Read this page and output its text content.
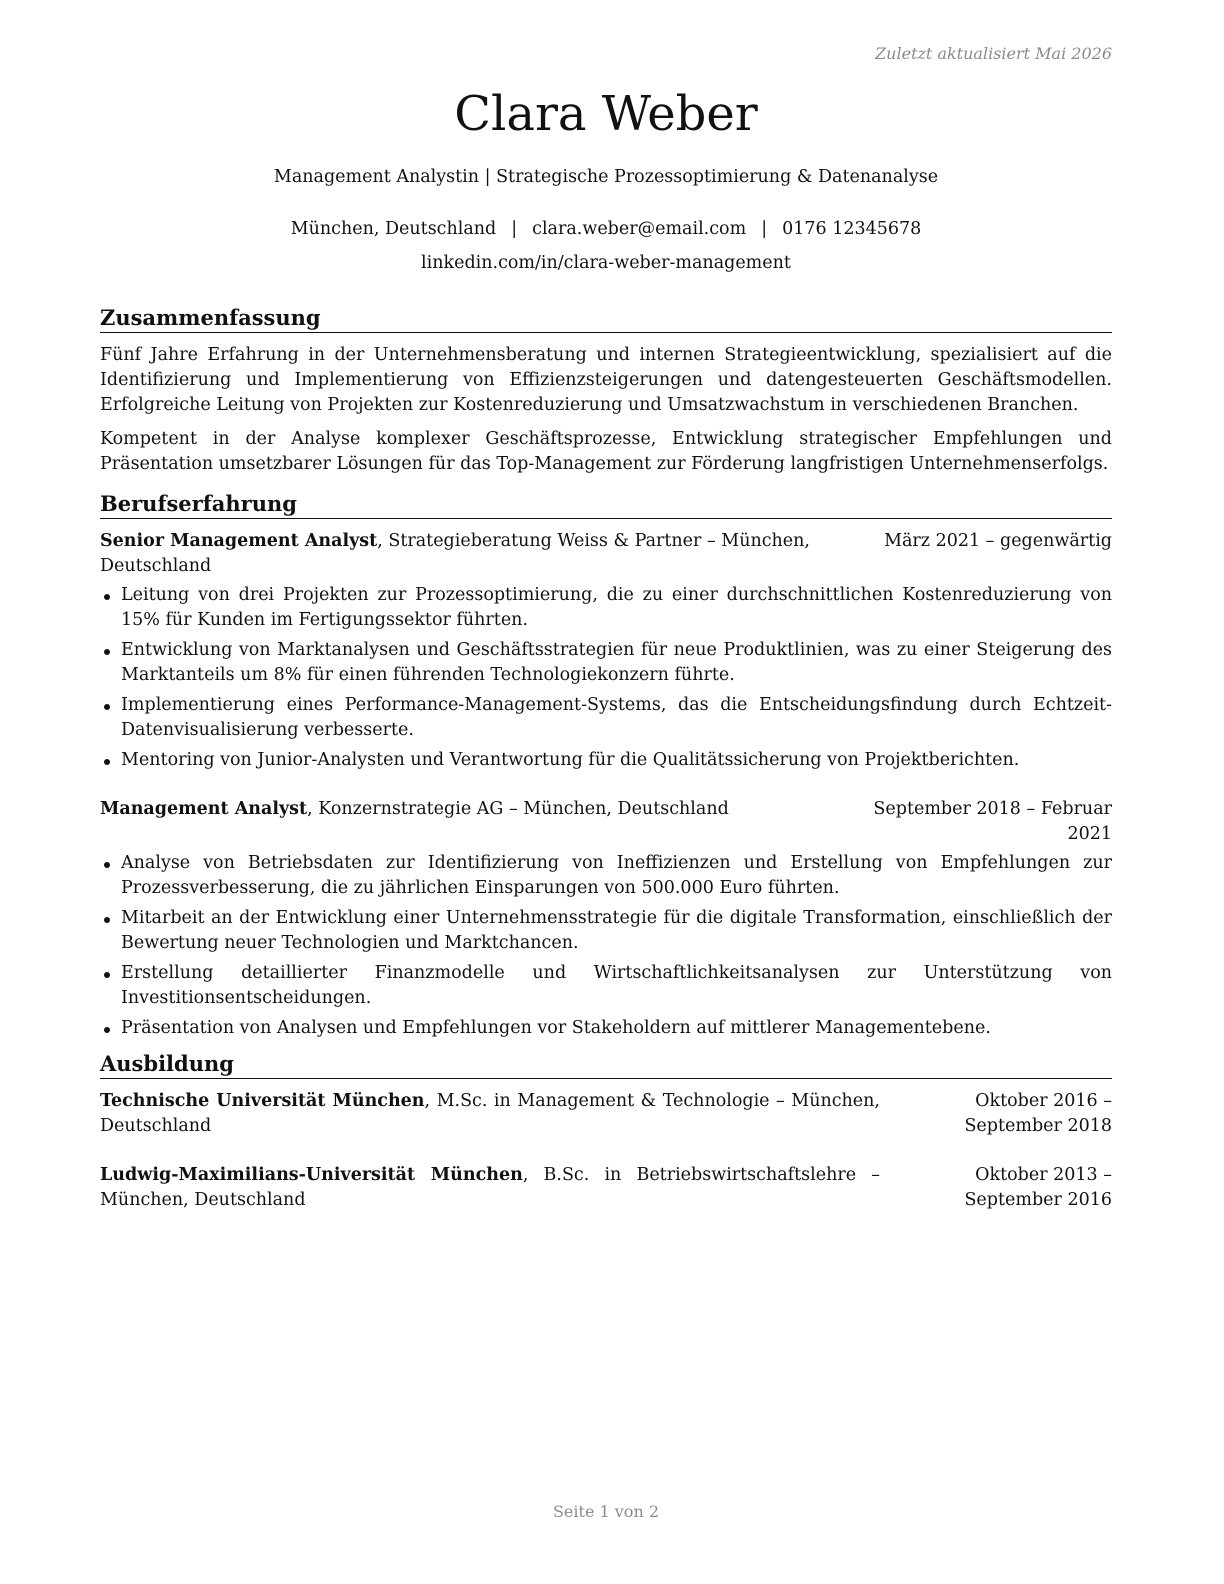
Zuletzt aktualisiert Mai 2026
Clara Weber
Management Analystin | Strategische Prozessoptimierung & Datenanalyse
München, Deutschland | clara.weber@email.com | 0176 12345678
linkedin.com/in/clara-weber-management
Zusammenfassung

Fünf Jahre Erfahrung in der Unternehmensberatung und internen Strategieentwicklung, spezialisiert auf die Identifizierung und Implementierung von Effizienzsteigerungen und datengesteuerten Geschäftsmodellen. Erfolgreiche Leitung von Projekten zur Kostenreduzierung und Umsatzwachstum in verschiedenen Branchen.

Kompetent in der Analyse komplexer Geschäftsprozesse, Entwicklung strategischer Empfehlungen und Präsentation umsetzbarer Lösungen für das Top-Management zur Förderung langfristigen Unternehmenserfolgs.

Berufserfahrung
Senior Management Analyst, Strategieberatung Weiss & Partner – München, Deutschland
März 2021 – gegenwärtig
Leitung von drei Projekten zur Prozessoptimierung, die zu einer durchschnittlichen Kostenreduzierung von 15% für Kunden im Fertigungssektor führten.
Entwicklung von Marktanalysen und Geschäftsstrategien für neue Produktlinien, was zu einer Steigerung des Marktanteils um 8% für einen führenden Technologiekonzern führte.
Implementierung eines Performance-Management-Systems, das die Entscheidungsfindung durch Echtzeit-Datenvisualisierung verbesserte.
Mentoring von Junior-Analysten und Verantwortung für die Qualitätssicherung von Projektberichten.
Management Analyst, Konzernstrategie AG – München, Deutschland	September 2018 – Februar 2021
Analyse von Betriebsdaten zur Identifizierung von Ineffizienzen und Erstellung von Empfehlungen zur Prozessverbesserung, die zu jährlichen Einsparungen von 500.000 Euro führten.
Mitarbeit an der Entwicklung einer Unternehmensstrategie für die digitale Transformation, einschließlich der Bewertung neuer Technologien und Marktchancen.
Erstellung detaillierter Finanzmodelle und Wirtschaftlichkeitsanalysen zur Unterstützung von Investitionsentscheidungen.
Präsentation von Analysen und Empfehlungen vor Stakeholdern auf mittlerer Managementebene.
Ausbildung
Technische Universität München, M.Sc. in Management & Technologie – München, Deutschland
Oktober 2016 – September 2018
Ludwig-Maximilians-Universität München, B.Sc. in Betriebswirtschaftslehre – München, Deutschland
Oktober 2013 – September 2016
Seite 1 von 2
